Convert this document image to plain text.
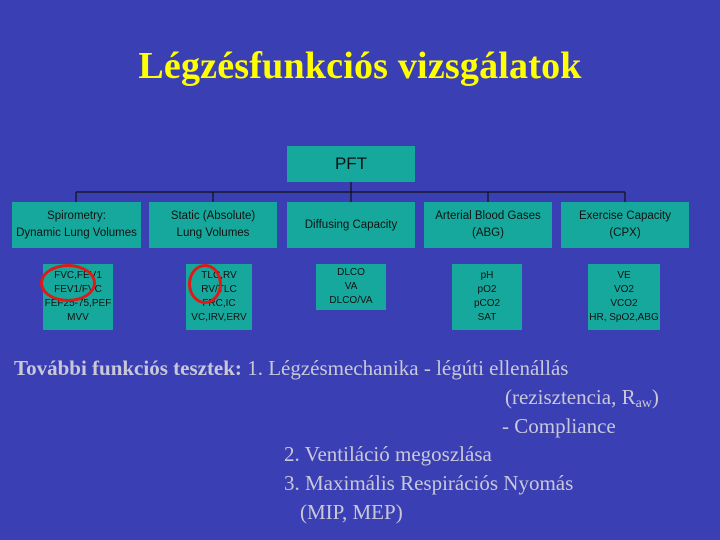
Légzésfunkciós vizsgálatok
PFT
Spirometry:
Dynamic Lung Volumes
Static (Absolute)
Lung Volumes
Diffusing Capacity
Arterial Blood Gases
(ABG)
Exercise Capacity
(CPX)
FVC,FEV1
FEV1/FVC
FEF25-75,PEF
MVV
TLC,RV
RV/TLC
FRC,IC
VC,IRV,ERV
DLCO
VA
DLCO/VA
pH
pO2
pCO2
SAT
VE
VO2
VCO2
HR, SpO2,ABG
További funkciós tesztek: 1. Légzésmechanika - légúti ellenállás
(rezisztencia, $R_{aw}$)
- Compliance
2. Ventiláció megoszlása
3. Maximális Respirációs Nyomás
(MIP, MEP)
